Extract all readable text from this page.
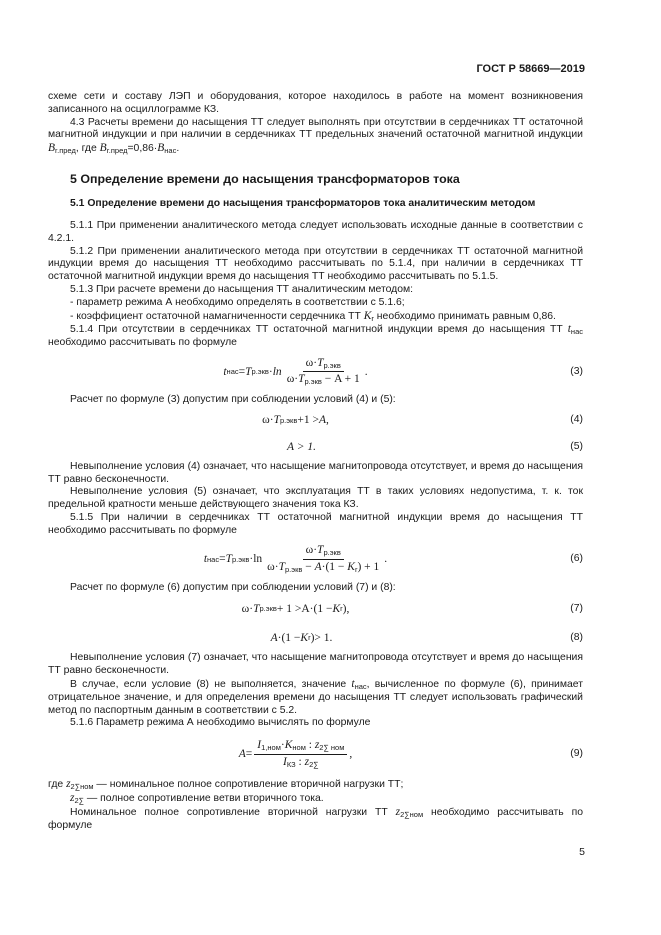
ГОСТ Р 58669—2019

схеме сети и составу ЛЭП и оборудования, которое находилось в работе на момент возникновения записанного на осциллограмме КЗ.

4.3 Расчеты времени до насыщения ТТ следует выполнять при отсутствии в сердечниках ТТ остаточной магнитной индукции и при наличии в сердечниках ТТ предельных значений остаточной магнитной индукции $B_{r.пред}$, где $B_{r.пред}=0,86\cdot B_{нас}$.

5 Определение времени до насыщения трансформаторов тока
5.1 Определение времени до насыщения трансформаторов тока аналитическим методом

5.1.1 При применении аналитического метода следует использовать исходные данные в соответствии с 4.2.1.

5.1.2 При применении аналитического метода при отсутствии в сердечниках ТТ остаточной магнитной индукции время до насыщения ТТ необходимо рассчитывать по 5.1.4, при наличии в сердечниках ТТ остаточной магнитной индукции время до насыщения ТТ необходимо рассчитывать по 5.1.5.

5.1.3 При расчете времени до насыщения ТТ аналитическим методом:

- параметр режима А необходимо определять в соответствии с 5.1.6;

- коэффициент остаточной намагниченности сердечника ТТ $K_r$ необходимо принимать равным 0,86.

5.1.4 При отсутствии в сердечниках ТТ остаточной магнитной индукции время до насыщения ТТ $t_{нас}$ необходимо рассчитывать по формуле

t нас = T $р.экв \cdot \ln \frac{\omega\cdot T_{р.экв}}{\omega\cdot T_{р.экв} - A + 1}$ .	(3)

Расчет по формуле (3) допустим при соблюдении условий (4) и (5):

ω · T р.экв +1 > A ,	(4)
A > 1.	(5)

Невыполнение условия (4) означает, что насыщение магнитопровода отсутствует, и время до насыщения ТТ равно бесконечности.

Невыполнение условия (5) означает, что эксплуатация ТТ в таких условиях недопустима, т. к. ток предельной кратности меньше действующего значения тока КЗ.

5.1.5 При наличии в сердечниках ТТ остаточной магнитной индукции время до насыщения ТТ необходимо рассчитывать по формуле

t нас = T $р.экв \cdot \ln \frac{\omega\cdot T_{р.экв}}{\omega\cdot T_{р.экв} - A\cdot(1 - K_r) + 1}$ .	(6)

Расчет по формуле (6) допустим при соблюдении условий (7) и (8):

ω · T р.экв + 1 > A ·(1 − K r ),	(7)
A ·(1 − K r ) > 1.	(8)

Невыполнение условия (7) означает, что насыщение магнитопровода отсутствует и время до насыщения ТТ равно бесконечности.

В случае, если условие (8) не выполняется, значение $t_{нас}$, вычисленное по формуле (6), принимает отрицательное значение, и для определения времени до насыщения ТТ следует использовать графический метод по паспортным данным в соответствии с 5.2.

5.1.6 Параметр режима А необходимо вычислять по формуле

$A = \frac{I_{1,ном}\cdot K_{ном} : z_{2\sum ном}}{I_{КЗ} : z_{2\sum}}$ ,	(9)

где $z_{2\sum ном}$ — номинальное полное сопротивление вторичной нагрузки ТТ;

$z_{2\sum}$ — полное сопротивление ветви вторичного тока.

Номинальное полное сопротивление вторичной нагрузки ТТ $z_{2\sum ном}$ необходимо рассчитывать по формуле

5
